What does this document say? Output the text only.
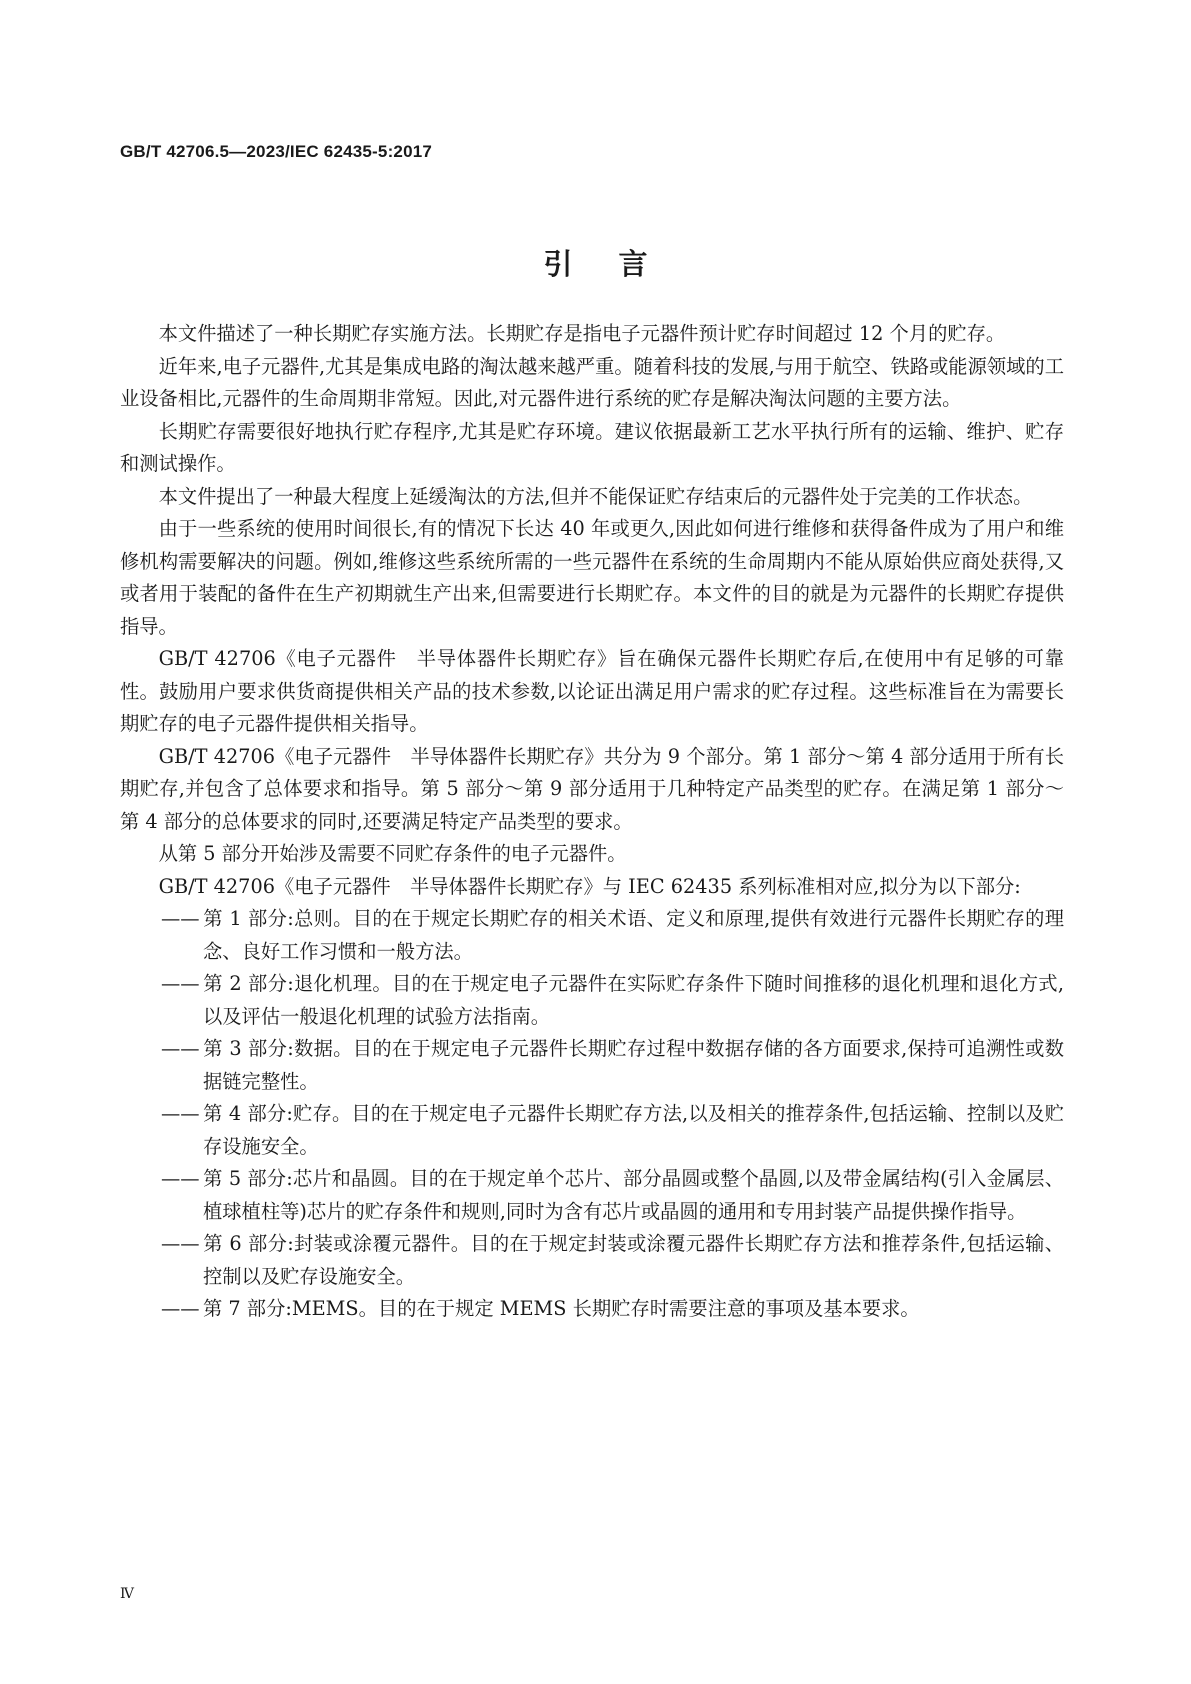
GB/T 42706.5—2023/IEC 62435-5:2017
引言

本文件描述了一种长期贮存实施方法。长期贮存是指电子元器件预计贮存时间超过 12 个月的贮存。

近年来,电子元器件,尤其是集成电路的淘汰越来越严重。随着科技的发展,与用于航空、铁路或能源领域的工业设备相比,元器件的生命周期非常短。因此,对元器件进行系统的贮存是解决淘汰问题的主要方法。

长期贮存需要很好地执行贮存程序,尤其是贮存环境。建议依据最新工艺水平执行所有的运输、维护、贮存和测试操作。

本文件提出了一种最大程度上延缓淘汰的方法,但并不能保证贮存结束后的元器件处于完美的工作状态。

由于一些系统的使用时间很长,有的情况下长达 40 年或更久,因此如何进行维修和获得备件成为了用户和维修机构需要解决的问题。例如,维修这些系统所需的一些元器件在系统的生命周期内不能从原始供应商处获得,又或者用于装配的备件在生产初期就生产出来,但需要进行长期贮存。本文件的目的就是为元器件的长期贮存提供指导。

GB/T 42706《电子元器件　半导体器件长期贮存》旨在确保元器件长期贮存后,在使用中有足够的可靠性。鼓励用户要求供货商提供相关产品的技术参数,以论证出满足用户需求的贮存过程。这些标准旨在为需要长期贮存的电子元器件提供相关指导。

GB/T 42706《电子元器件　半导体器件长期贮存》共分为 9 个部分。第 1 部分～第 4 部分适用于所有长期贮存,并包含了总体要求和指导。第 5 部分～第 9 部分适用于几种特定产品类型的贮存。在满足第 1 部分～第 4 部分的总体要求的同时,还要满足特定产品类型的要求。

从第 5 部分开始涉及需要不同贮存条件的电子元器件。

GB/T 42706《电子元器件　半导体器件长期贮存》与 IEC 62435 系列标准相对应,拟分为以下部分:

—— 第 1 部分:总则。目的在于规定长期贮存的相关术语、定义和原理,提供有效进行元器件长期贮存的理念、良好工作习惯和一般方法。

—— 第 2 部分:退化机理。目的在于规定电子元器件在实际贮存条件下随时间推移的退化机理和退化方式,以及评估一般退化机理的试验方法指南。

—— 第 3 部分:数据。目的在于规定电子元器件长期贮存过程中数据存储的各方面要求,保持可追溯性或数据链完整性。

—— 第 4 部分:贮存。目的在于规定电子元器件长期贮存方法,以及相关的推荐条件,包括运输、控制以及贮存设施安全。

—— 第 5 部分:芯片和晶圆。目的在于规定单个芯片、部分晶圆或整个晶圆,以及带金属结构(引入金属层、植球植柱等)芯片的贮存条件和规则,同时为含有芯片或晶圆的通用和专用封装产品提供操作指导。

—— 第 6 部分:封装或涂覆元器件。目的在于规定封装或涂覆元器件长期贮存方法和推荐条件,包括运输、控制以及贮存设施安全。

—— 第 7 部分:MEMS。目的在于规定 MEMS 长期贮存时需要注意的事项及基本要求。

Ⅳ
